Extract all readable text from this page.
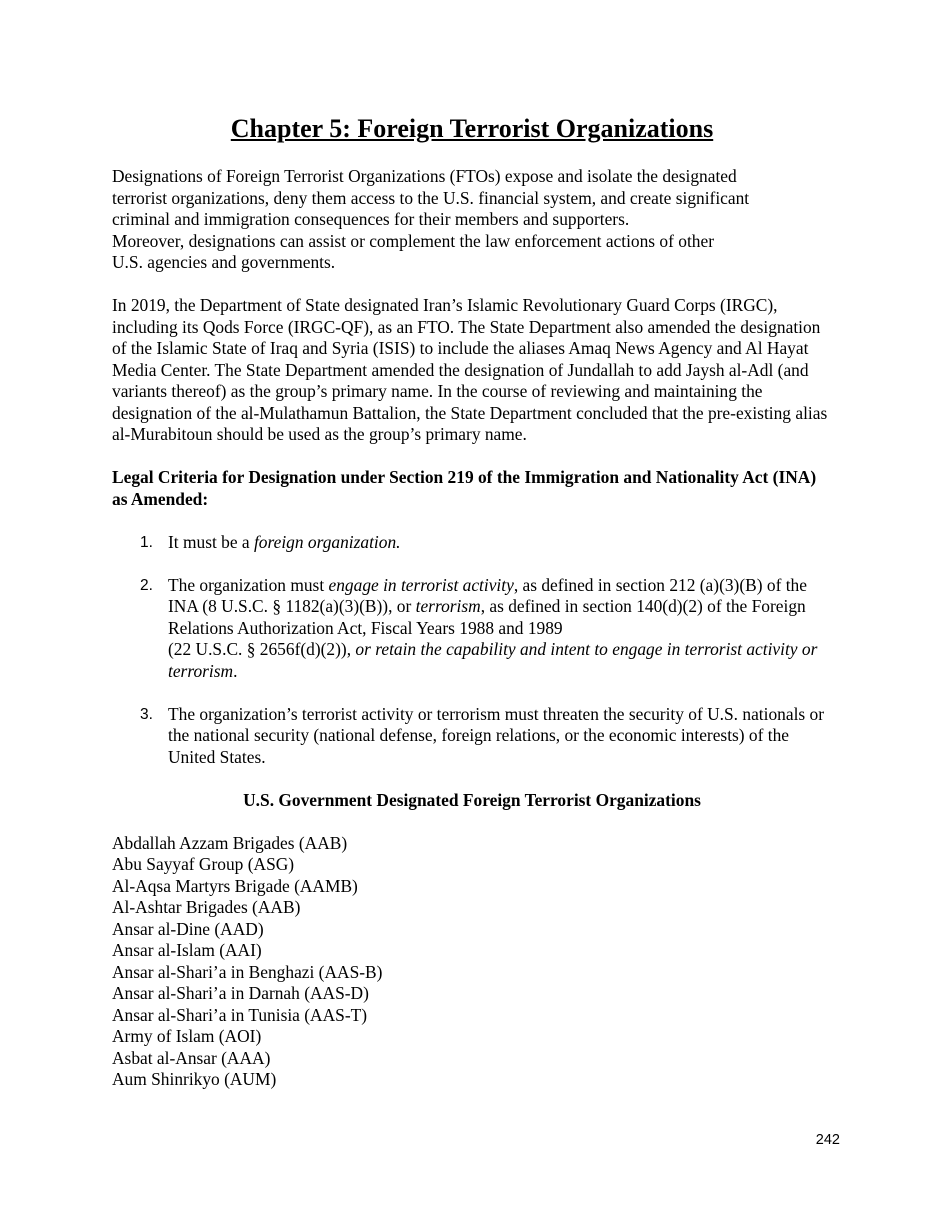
Chapter 5: Foreign Terrorist Organizations

Designations of Foreign Terrorist Organizations (FTOs) expose and isolate the designated

terrorist organizations, deny them access to the U.S. financial system, and create significant

criminal and immigration consequences for their members and supporters.

Moreover, designations can assist or complement the law enforcement actions of other

U.S. agencies and governments.

In 2019, the Department of State designated Iran’s Islamic Revolutionary Guard Corps (IRGC), including its Qods Force (IRGC-QF), as an FTO. The State Department also amended the designation of the Islamic State of Iraq and Syria (ISIS) to include the aliases Amaq News Agency and Al Hayat Media Center. The State Department amended the designation of Jundallah to add Jaysh al-Adl (and variants thereof) as the group’s primary name. In the course of reviewing and maintaining the designation of the al-Mulathamun Battalion, the State Department concluded that the pre-existing alias al-Murabitoun should be used as the group’s primary name.

Legal Criteria for Designation under Section 219 of the Immigration and Nationality Act (INA) as Amended:

1. It must be a foreign organization.
2. The organization must engage in terrorist activity, as defined in section 212 (a)(3)(B) of the INA (8 U.S.C. § 1182(a)(3)(B)), or terrorism, as defined in section 140(d)(2) of the Foreign Relations Authorization Act, Fiscal Years 1988 and 1989
(22 U.S.C. § 2656f(d)(2)), or retain the capability and intent to engage in terrorist activity or terrorism.
3. The organization’s terrorist activity or terrorism must threaten the security of U.S. nationals or the national security (national defense, foreign relations, or the economic interests) of the United States.

U.S. Government Designated Foreign Terrorist Organizations

Abdallah Azzam Brigades (AAB)
Abu Sayyaf Group (ASG)
Al-Aqsa Martyrs Brigade (AAMB)
Al-Ashtar Brigades (AAB)
Ansar al-Dine (AAD)
Ansar al-Islam (AAI)
Ansar al-Shari’a in Benghazi (AAS-B)
Ansar al-Shari’a in Darnah (AAS-D)
Ansar al-Shari’a in Tunisia (AAS-T)
Army of Islam (AOI)
Asbat al-Ansar (AAA)
Aum Shinrikyo (AUM)
242
